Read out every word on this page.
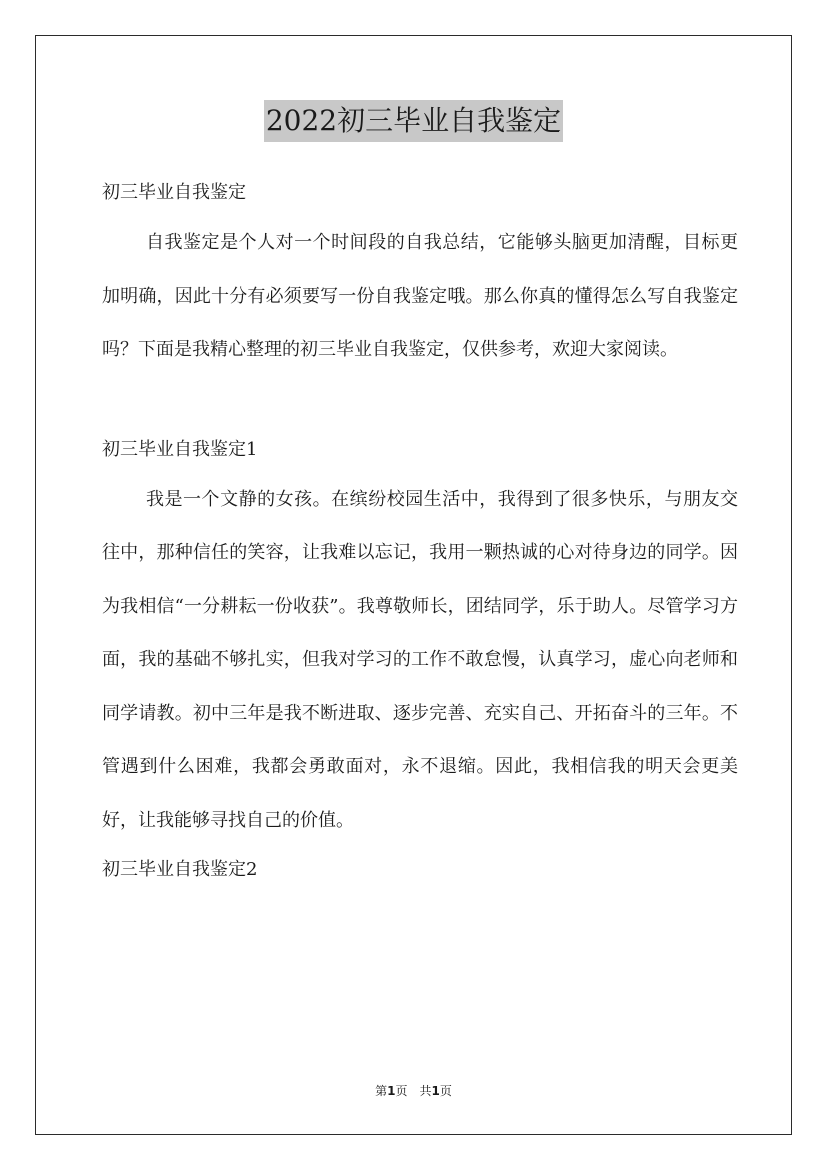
2022初三毕业自我鉴定

初三毕业自我鉴定

自我鉴定是个人对一个时间段的自我总结，它能够头脑更加清醒，目标更加明确，因此十分有必须要写一份自我鉴定哦。那么你真的懂得怎么写自我鉴定吗？下面是我精心整理的初三毕业自我鉴定，仅供参考，欢迎大家阅读。

初三毕业自我鉴定1

我是一个文静的女孩。在缤纷校园生活中，我得到了很多快乐，与朋友交往中，那种信任的笑容，让我难以忘记，我用一颗热诚的心对待身边的同学。因为我相信“一分耕耘一份收获”。我尊敬师长，团结同学，乐于助人。尽管学习方面，我的基础不够扎实，但我对学习的工作不敢怠慢，认真学习，虚心向老师和同学请教。初中三年是我不断进取、逐步完善、充实自己、开拓奋斗的三年。不管遇到什么困难，我都会勇敢面对，永不退缩。因此，我相信我的明天会更美好，让我能够寻找自己的价值。

初三毕业自我鉴定2

第1页 共1页
